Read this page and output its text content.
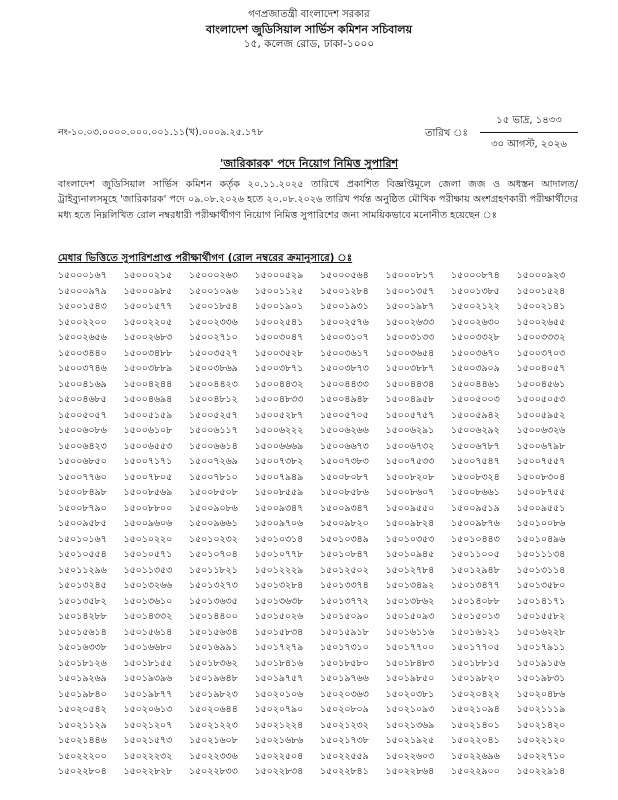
গণপ্রজাতন্ত্রী বাংলাদেশ সরকার
বাংলাদেশ জুডিসিয়াল সার্ভিস কমিশন সচিবালয়
১৫, কলেজ রোড, ঢাকা-১০০০
নং-১০.০৩.০০০০.০০০.০০১.১১(খ).০০০৯.২৫.১৭৮	তারিখ ঃ
১৫ ভাদ্র, ১৪৩৩
৩০ আগস্ট, ২০২৬
'জারিকারক' পদে নিয়োগ নিমিত্ত সুপারিশ
বাংলাদেশ জুডিসিয়াল সার্ভিস কমিশন কর্তৃক ২০.১১.২০২৫ তারিখে প্রকাশিত বিজ্ঞপ্তিমূলে জেলা জজ ও অধস্তন আদালত/ট্রাইব্যুনালসমূহে 'জারিকারক' পদে ০৯.০৮.২০২৬ হতে ২০.০৮.২০২৬ তারিখ পর্যন্ত অনুষ্ঠিত মৌখিক পরীক্ষায় অংশগ্রহণকারী পরীক্ষার্থীদের মধ্য হতে নিম্নলিখিত রোল নম্বরধারী পরীক্ষার্থীগণ নিয়োগ নিমিত্ত সুপারিশের জন্য সাময়িকভাবে মনোনীত হয়েছেন ঃ
মেধার ভিত্তিতে সুপারিশপ্রাপ্ত পরীক্ষার্থীগণ (রোল নম্বরের ক্রমানুসারে) ঃ
১৫০০০১৬৭	১৫০০০২১৫	১৫০০০২৬৩	১৫০০০৫২৯	১৫০০০৫৬৪	১৫০০০৮১৭	১৫০০০৮৭৪	১৫০০০৯২৩
১৫০০০৯৭৯	১৫০০০৯৮৫	১৫০০১০৯৬	১৫০০১১২৫	১৫০০১২৮৪	১৫০০১৩৫৭	১৫০০১৩৮৫	১৫০০১৫২৪
১৫০০১৫৪৩	১৫০০১৫৭৭	১৫০০১৮৫৪	১৫০০১৯০১	১৫০০১৯৩১	১৫০০১৯৮৭	১৫০০২১২২	১৫০০২১৪১
১৫০০২২০০	১৫০০২২০৫	১৫০০২৩৩৬	১৫০০২৫৪১	১৫০০২৫৭৬	১৫০০২৬৩৩	১৫০০২৬৩০	১৫০০২৬৫৫
১৫০০২৬৫৬	১৫০০২৬৮৩	১৫০০২৭১০	১৫০০৩০৪৭	১৫০০৩১০৭	১৫০০৩১৩৩	১৫০০৩৩২৮	১৫০০৩৩৩২
১৫০০৩৪৪০	১৫০০৩৪৮৮	১৫০০৩৫২৭	১৫০০৩৫২৮	১৫০০৩৬১৭	১৫০০৩৬৫৪	১৫০০৩৬৭০	১৫০০৩৭০৩
১৫০০৩৭৪৬	১৫০০৩৮৮৯	১৫০০৩৮৬৯	১৫০০৩৮৭১	১৫০০৩৮৭৩	১৫০০৩৮৮৭	১৫০০৩৯০৯	১৫০০৪০৫৭
১৫০০৪১৬৯	১৫০০৪২৪৪	১৫০০৪৪২৩	১৫০০৪৪৩২	১৫০০৪৪৩৩	১৫০০৪৪৩৪	১৫০০৪৪৬১	১৫০০৪৫৬১
১৫০০৪৬৮৫	১৫০০৪৬৯৪	১৫০০৪৮১২	১৫০০৪৮৩৩	১৫০০৪৯৪৮	১৫০০৪৯৫৮	১৫০০৫০০৩	১৫০০৫০৫৩
১৫০০৫০৫৭	১৫০০৫১৫৯	১৫০০৫২৫৭	১৫০০৫২৮৭	১৫০০৫৭০৫	১৫০০৫৭৫৭	১৫০০৫৯৪২	১৫০০৫৯৫২
১৫০০৬০৮৬	১৫০০৬১০৮	১৫০০৬১১৭	১৫০০৬২২২	১৫০০৬২৬৬	১৫০০৬২৯১	১৫০০৬২৯২	১৫০০৬৩২৬
১৫০০৬৪২৩	১৫০০৬৫৫৩	১৫০০৬৬১৪	১৫০০৬৬৬৯	১৫০০৬৬৭৩	১৫০০৬৭৩২	১৫০০৬৭৮৭	১৫০০৬৭৯৮
১৫০০৬৮৫০	১৫০০৭১৭১	১৫০০৭২৬৯	১৫০০৭৩৮২	১৫০০৭৩৮৩	১৫০০৭৫৩৩	১৫০০৭৫৪৭	১৫০০৭৫৫৭
১৫০০৭৭৬০	১৫০০৭৮০৫	১৫০০৭৮১০	১৫০০৭৯৪৯	১৫০০৮০৮৭	১৫০০৮২০৮	১৫০০৮৩২৪	১৫০০৮৩০৪
১৫০০৮৪৯৮	১৫০০৮৫৬৯	১৫০০৮৫০৮	১৫০০৮৫৫৯	১৫০০৮৫৮৬	১৫০০৮৬০৭	১৫০০৮৬৬১	১৫০০৮৭৫৫
১৫০০৮৭৯০	১৫০০৮৮০০	১৫০০৯০৮৬	১৫০০৯৩৪৭	১৫০০৯৩৪৭	১৫০০৯৫৫০	১৫০০৯৫১৯	১৫০০৯৫৫১
১৫০০৯৫৮৫	১৫০০৯৬০৬	১৫০০৯৬৬১	১৫০০৯৭০৬	১৫০০৯৮২০	১৫০০৯৮২৪	১৫০০৯৮৭৬	১৫০১০০৮৬
১৫০১০১৬৭	১৫০১০২২০	১৫০১০২৩২	১৫০১০৩১৪	১৫০১০৩৪৯	১৫০১০৩৫৩	১৫০১০৪৪৩	১৫০১০৪৯৬
১৫০১০৫৫৪	১৫০১০৫৭১	১৫০১০৭০৪	১৫০১০৭৭৮	১৫০১০৮৪৭	১৫০১০৯৪৫	১৫০১১০০৫	১৫০১১১৩৪
১৫০১১২৯৬	১৫০১১৩৫৩	১৫০১১৮২১	১৫০১২২২৯	১৫০১২৫০২	১৫০১২৭৮৪	১৫০১২৯৪৮	১৫০১৩১১৪
১৫০১৩২৪৫	১৫০১৩২৬৬	১৫০১৩২৭৩	১৫০১৩২৮৪	১৫০১৩৩৭৪	১৫০১৩৪৯২	১৫০১৩৪৭৭	১৫০১৩৫৮০
১৫০১৩৫৮২	১৫০১৩৬১০	১৫০১৩৬৩৫	১৫০১৩৬৩৮	১৫০১৩৭৭২	১৫০১৩৮৬২	১৫০১৪০৮৮	১৫০১৪১৭১
১৫০১৪২৮৮	১৫০১৪৩৩২	১৫০১৪৪০০	১৫০১৫০২৬	১৫০১৫০৯০	১৫০১৫০৯৩	১৫০১৫০১৩	১৫০১৫৫৮২
১৫০১৫৬১৪	১৫০১৫৬১৪	১৫০১৫৬৩৪	১৫০১৫৮৩৪	১৫০১৫৯১৮	১৫০১৬১১৬	১৫০১৬১২১	১৫০১৬২২৮
১৫০১৬৩৩৮	১৫০১৬৬৮০	১৫০১৬৯৯১	১৫০১৭২৭৯	১৫০১৭৩১০	১৫০১৭৭০০	১৫০১৭৭০৫	১৫০১৭৯১১
১৫০১৮১২৬	১৫০১৮১৫৫	১৫০১৮৩৬২	১৫০১৮৪১৬	১৫০১৮৫৮০	১৫০১৮৪৮৩	১৫০১৮৮১৫	১৫০১৯১৫৬
১৫০১৯২৬৯	১৫০১৯৩৯৬	১৫০১৯৬৪৮	১৫০১৯৭৫৭	১৫০১৯৭৬৬	১৫০১৯৮৫০	১৫০১৯৮২০	১৫০১৯৮৩১
১৫০১৯৮৪০	১৫০১৯৮৭৭	১৫০১৯৮২৩	১৫০২০১০৬	১৫০২০৩৬৩	১৫০২০৩৮১	১৫০২০৪২২	১৫০২০৪৮৬
১৫০২০৫৪২	১৫০২০৬১৩	১৫০২০৬৪৪	১৫০২০৭৯০	১৫০২০৮০৯	১৫০২১০৯৩	১৫০২১০৯৪	১৫০২১১১৯
১৫০২১১২৯	১৫০২১২০৭	১৫০২১২২৩	১৫০২১২২৪	১৫০২১২৩২	১৫০২১৩৬৯	১৫০২১৪০১	১৫০২১৪২০
১৫০২১৪৪৬	১৫০২১৫৭৩	১৫০২১৬০৮	১৫০২১৬৮৬	১৫০২১৭৩৮	১৫০২১৯২৫	১৫০২২০৪১	১৫০২২১২০
১৫০২২২০০	১৫০২২২৩২	১৫০২২৩৩৬	১৫০২২৫০৪	১৫০২২৫৫৯	১৫০২২৬০৩	১৫০২২৬৯৬	১৫০২২৭১০
১৫০২২৮০৪	১৫০২২৮২৮	১৫০২২৮৩৩	১৫০২২৮৩৪	১৫০২২৮৪১	১৫০২২৮৬৪	১৫০২২৯০০	১৫০২২৯১৪
